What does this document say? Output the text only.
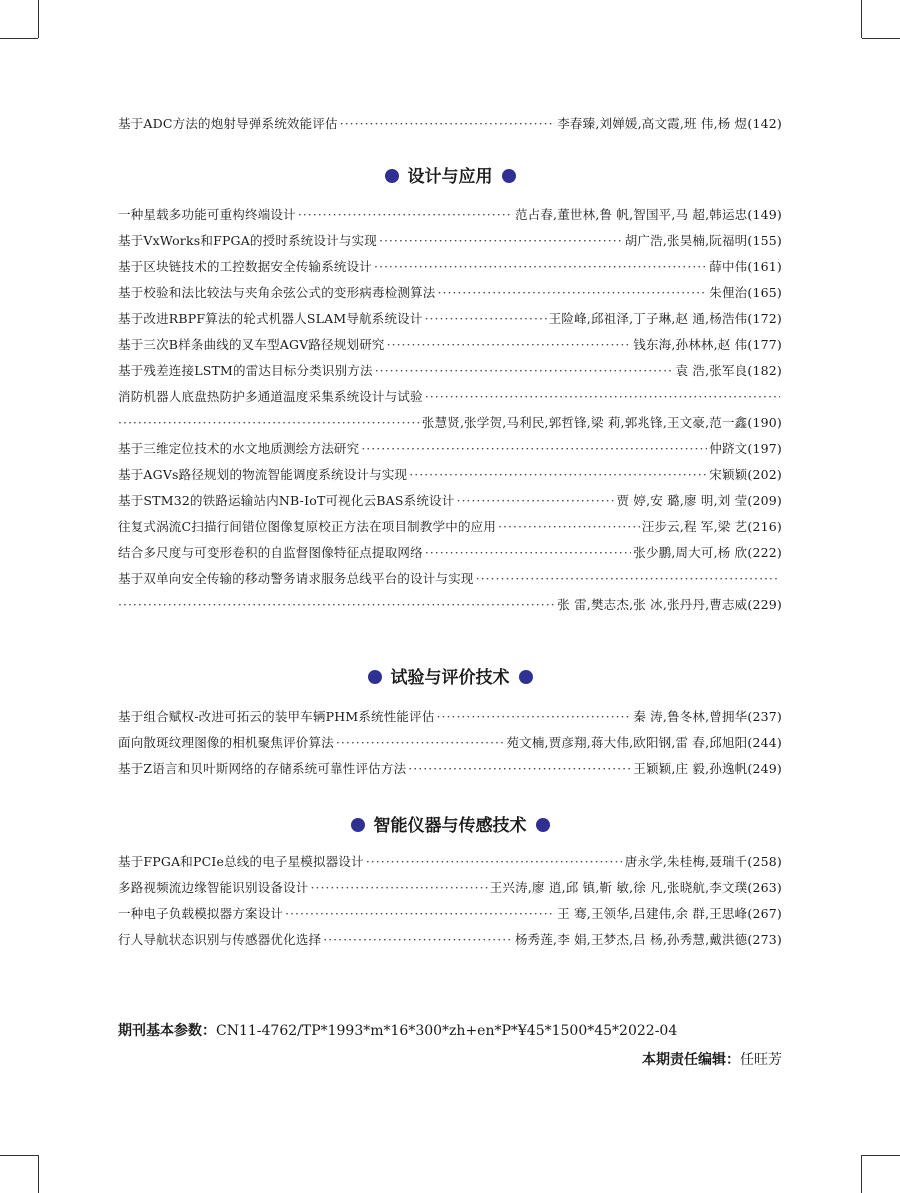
基于ADC方法的炮射导弹系统效能评估 ·····	李春臻,刘婵媛,高文霞,班 伟,杨 煜 (142)
设计与应用
一种星载多功能可重构终端设计 ·····	范占春,董世林,鲁 帆,智国平,马 超,韩运忠 (149)
基于VxWorks和FPGA的授时系统设计与实现 ·····	胡广浩,张昊楠,阮福明 (155)
基于区块链技术的工控数据安全传输系统设计 ·····	薛中伟 (161)
基于校验和法比较法与夹角余弦公式的变形病毒检测算法 ·····	朱俚治 (165)
基于改进RBPF算法的轮式机器人SLAM导航系统设计 ·····	王险峰,邱祖泽,丁子琳,赵 通,杨浩伟 (172)
基于三次B样条曲线的叉车型AGV路径规划研究 ·····	钱东海,孙林林,赵 伟 (177)
基于残差连接LSTM的雷达目标分类识别方法 ·····	袁 浩,张军良 (182)
消防机器人底盘热防护多通道温度采集系统设计与试验
·····
·····
张慧贤,张学贺,马利民,郭哲锋,梁 莉,郭兆锋,王文豪,范一鑫 (190)
基于三维定位技术的水文地质测绘方法研究 ·····	仲跻文 (197)
基于AGVs路径规划的物流智能调度系统设计与实现 ·····	宋颖颖 (202)
基于STM32的铁路运输站内NB-IoT可视化云BAS系统设计 ·····	贾 婷,安 璐,廖 明,刘 莹 (209)
往复式涡流C扫描行间错位图像复原校正方法在项目制教学中的应用 ·····	汪步云,程 军,梁 艺 (216)
结合多尺度与可变形卷积的自监督图像特征点提取网络 ·····	张少鹏,周大可,杨 欣 (222)
基于双单向安全传输的移动警务请求服务总线平台的设计与实现
·····
·····
张 雷,樊志杰,张 冰,张丹丹,曹志威 (229)
试验与评价技术
基于组合赋权-改进可拓云的装甲车辆PHM系统性能评估 ·····	秦 涛,鲁冬林,曾拥华 (237)
面向散斑纹理图像的相机聚焦评价算法 ·····	苑文楠,贾彦翔,蒋大伟,欧阳钢,雷 春,邱旭阳 (244)
基于Z语言和贝叶斯网络的存储系统可靠性评估方法 ·····	王颖颖,庄 毅,孙逸帆 (249)
智能仪器与传感技术
基于FPGA和PCIe总线的电子星模拟器设计 ·····	唐永学,朱桂梅,聂瑞千 (258)
多路视频流边缘智能识别设备设计 ·····	王兴涛,廖 逍,邱 镇,靳 敏,徐 凡,张晓航,李文璞 (263)
一种电子负载模拟器方案设计 ·····	王 骞,王领华,吕建伟,余 群,王思峰 (267)
行人导航状态识别与传感器优化选择 ·····	杨秀莲,李 娟,王梦杰,吕 杨,孙秀慧,戴洪德 (273)
期刊基本参数：CN11-4762/TP*1993*m*16*300*zh+en*P*¥45*1500*45*2022-04
本期责任编辑：任旺芳
